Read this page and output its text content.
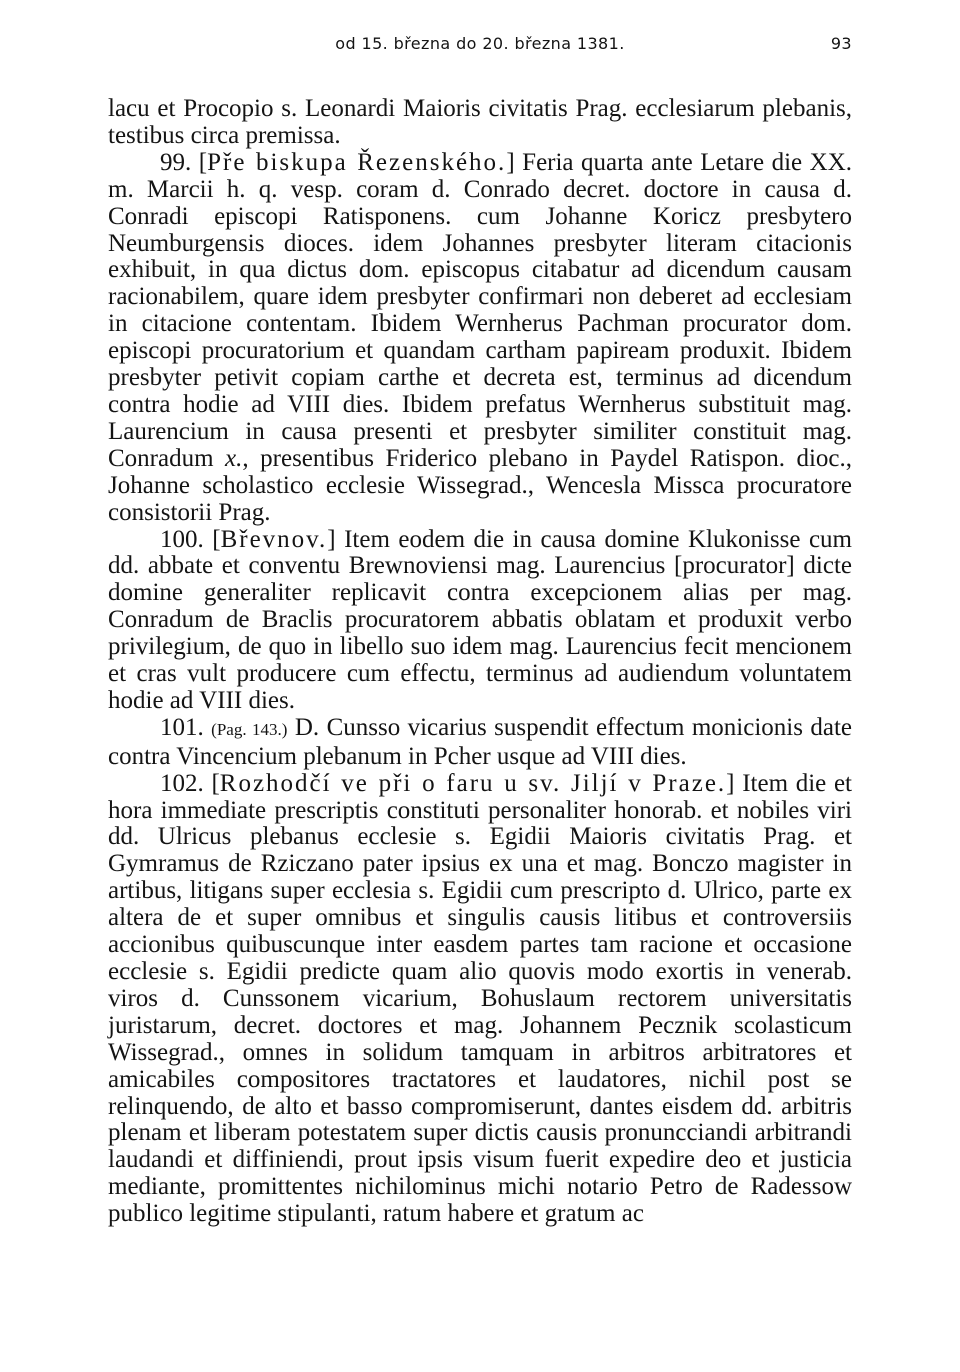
od 15. března do 20. března 1381.	93

lacu et Procopio s. Leonardi Maioris civitatis Prag. ecclesiarum plebanis, testibus circa premissa.

99. [Pře biskupa Řezenského.] Feria quarta ante Letare die XX. m. Marcii h. q. vesp. coram d. Conrado decret. doctore in causa d. Conradi episcopi Ratisponens. cum Johanne Koricz presbytero Neumburgensis dioces. idem Johannes presbyter literam citacionis exhibuit, in qua dictus dom. episcopus citabatur ad dicendum causam racionabilem, quare idem presbyter confirmari non deberet ad ecclesiam in citacione contentam. Ibidem Wernherus Pachman procurator dom. episcopi procuratorium et quandam cartham papiream produxit. Ibidem presbyter petivit copiam carthe et decreta est, terminus ad dicendum contra hodie ad VIII dies. Ibidem prefatus Wernherus substituit mag. Laurencium in causa presenti et presbyter similiter constituit mag. Conradum x., presentibus Friderico plebano in Paydel Ratispon. dioc., Johanne scholastico ecclesie Wissegrad., Wencesla Missca procuratore consistorii Prag.

100. [Břevnov.] Item eodem die in causa domine Klukonisse cum dd. abbate et conventu Brewnoviensi mag. Laurencius [procurator] dicte domine generaliter replicavit contra excepcionem alias per mag. Conradum de Braclis procuratorem abbatis oblatam et produxit verbo privilegium, de quo in libello suo idem mag. Laurencius fecit mencionem et cras vult producere cum effectu, terminus ad audiendum voluntatem hodie ad VIII dies.

101. (Pag. 143.) D. Cunsso vicarius suspendit effectum monicionis date contra Vincencium plebanum in Pcher usque ad VIII dies.

102. [Rozhodčí ve při o faru u sv. Jiljí v Praze.] Item die et hora immediate prescriptis constituti personaliter honorab. et nobiles viri dd. Ulricus plebanus ecclesie s. Egidii Maioris civitatis Prag. et Gymramus de Rziczano pater ipsius ex una et mag. Bonczo magister in artibus, litigans super ecclesia s. Egidii cum prescripto d. Ulrico, parte ex altera de et super omnibus et singulis causis litibus et controversiis accionibus quibuscunque inter easdem partes tam racione et occasione ecclesie s. Egidii predicte quam alio quovis modo exortis in venerab. viros d. Cunssonem vicarium, Bohuslaum rectorem universitatis juristarum, decret. doctores et mag. Johannem Pecznik scolasticum Wissegrad., omnes in solidum tamquam in arbitros arbitratores et amicabiles compositores tractatores et laudatores, nichil post se relinquendo, de alto et basso compromiserunt, dantes eisdem dd. arbitris plenam et liberam potestatem super dictis causis pronuncciandi arbitrandi laudandi et diffiniendi, prout ipsis visum fuerit expedire deo et justicia mediante, promittentes nichilominus michi notario Petro de Radessow publico legitime stipulanti, ratum habere et gratum ac
